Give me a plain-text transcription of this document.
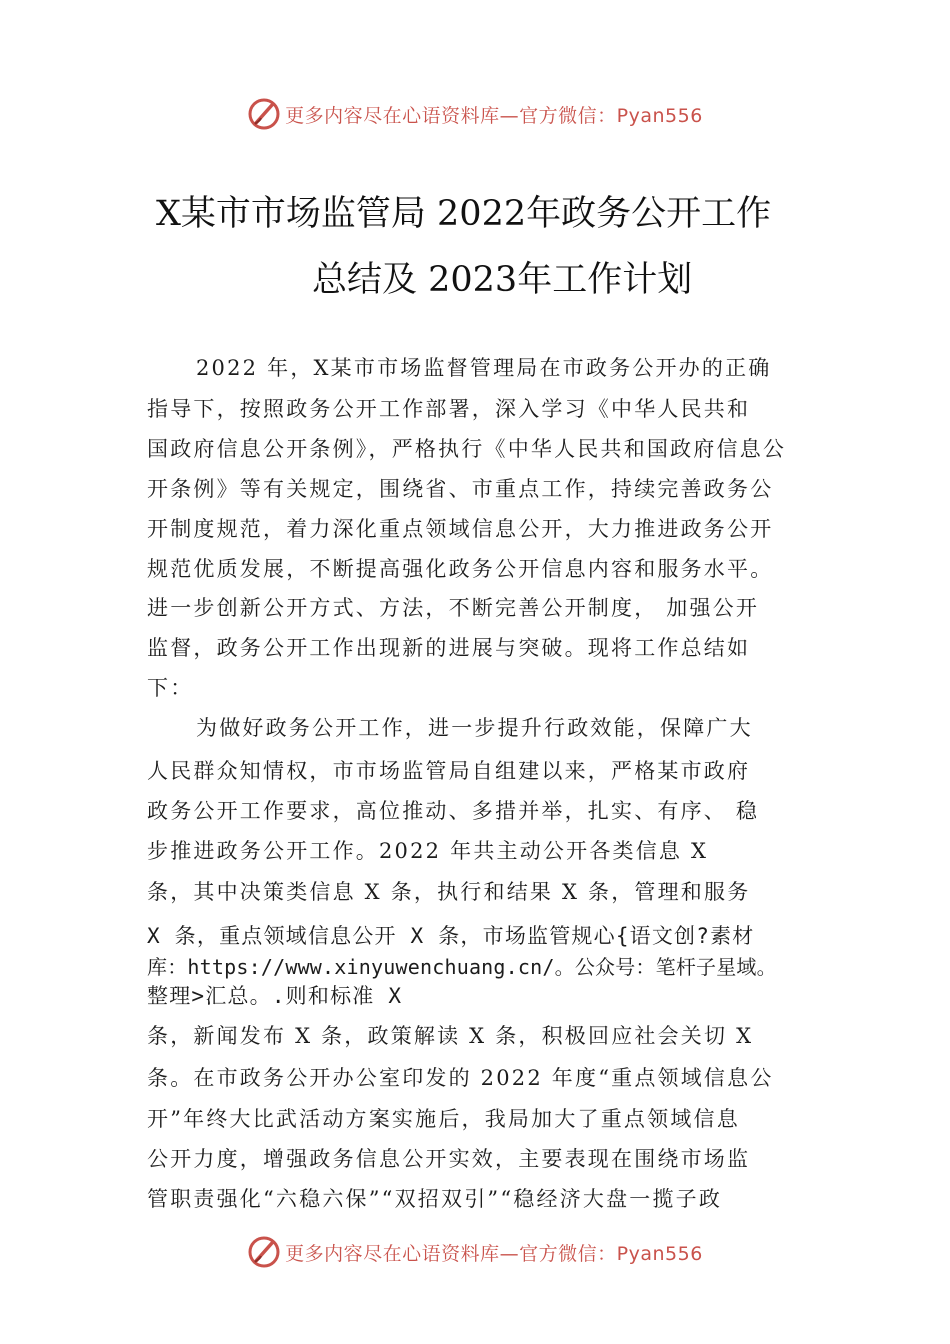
更多内容尽在心语资料库—官方微信：Pyan556
X某市市场监管局 2022年政务公开工作
总结及 2023年工作计划
2022 年，X某市市场监督管理局在市政务公开办的正确
指导下，按照政务公开工作部署，深入学习《中华人民共和
国政府信息公开条例》，严格执行《中华人民共和国政府信息公
开条例》等有关规定，围绕省、市重点工作，持续完善政务公
开制度规范，着力深化重点领域信息公开，大力推进政务公开
规范优质发展，不断提高强化政务公开信息内容和服务水平。
进一步创新公开方式、方法，不断完善公开制度， 加强公开
监督，政务公开工作出现新的进展与突破。现将工作总结如
下：
为做好政务公开工作，进一步提升行政效能，保障广大
人民群众知情权，市市场监管局自组建以来，严格某市政府
政务公开工作要求，高位推动、多措并举，扎实、有序、 稳
步推进政务公开工作。2022 年共主动公开各类信息 X
条，其中决策类信息 X 条，执行和结果 X 条，管理和服务
X 条，重点领域信息公开 X 条，市场监管规心{语文创?素材
库：https://www.xinyuwenchuang.cn/。公众号：笔杆子星域。
整理>汇总。.则和标准 X
条，新闻发布 X 条，政策解读 X 条，积极回应社会关切 X
条。在市政务公开办公室印发的 2022 年度“重点领域信息公
开”年终大比武活动方案实施后，我局加大了重点领域信息
公开力度，增强政务信息公开实效，主要表现在围绕市场监
管职责强化“六稳六保”“双招双引”“稳经济大盘一揽子政
更多内容尽在心语资料库—官方微信：Pyan556
